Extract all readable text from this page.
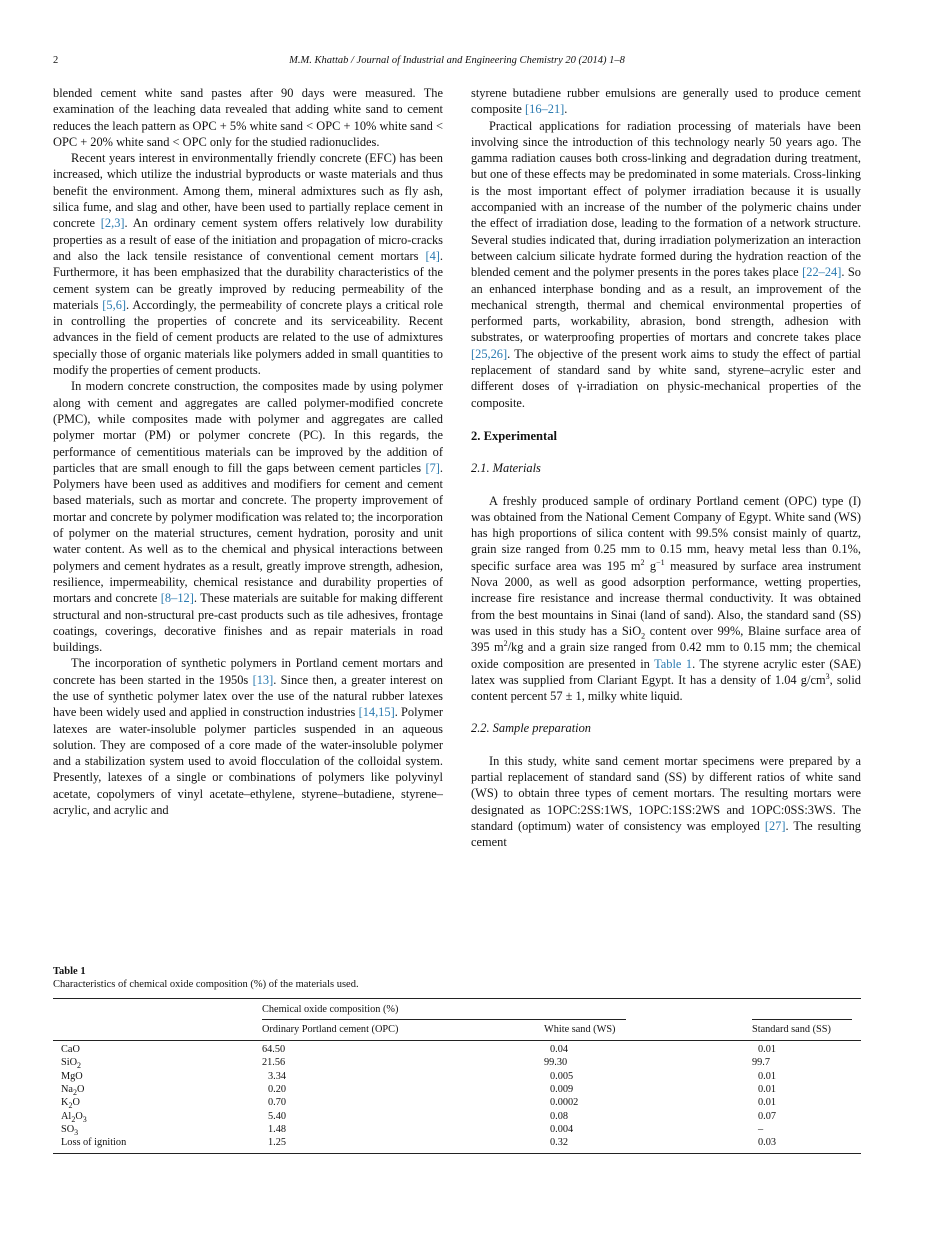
2	M.M. Khattab / Journal of Industrial and Engineering Chemistry 20 (2014) 1–8

blended cement white sand pastes after 90 days were measured. The examination of the leaching data revealed that adding white sand to cement reduces the leach pattern as OPC + 5% white sand < OPC + 10% white sand < OPC + 20% white sand < OPC only for the studied radionuclides.

Recent years interest in environmentally friendly concrete (EFC) has been increased, which utilize the industrial byproducts or waste materials and thus benefit the environment. Among them, mineral admixtures such as fly ash, silica fume, and slag and other, have been used to partially replace cement in concrete [2,3]. An ordinary cement system offers relatively low durability properties as a result of ease of the initiation and propagation of micro-cracks and also the lack tensile resistance of conventional cement mortars [4]. Furthermore, it has been emphasized that the durability characteristics of the cement system can be greatly improved by reducing permeability of the materials [5,6]. Accordingly, the permeability of concrete plays a critical role in controlling the properties of concrete and its serviceability. Recent advances in the field of cement products are related to the use of admixtures specially those of organic materials like polymers added in small quantities to modify the properties of cement products.

In modern concrete construction, the composites made by using polymer along with cement and aggregates are called polymer-modified concrete (PMC), while composites made with polymer and aggregates are called polymer mortar (PM) or polymer concrete (PC). In this regards, the performance of cementitious materials can be improved by the addition of particles that are small enough to fill the gaps between cement particles [7]. Polymers have been used as additives and modifiers for cement and cement based materials, such as mortar and concrete. The property improvement of mortar and concrete by polymer modification was related to; the incorporation of polymer on the material structures, cement hydration, porosity and unit water content. As well as to the chemical and physical interactions between polymers and cement hydrates as a result, greatly improve strength, adhesion, resilience, impermeability, chemical resistance and durability properties of mortars and concrete [8–12]. These materials are suitable for making different structural and non-structural pre-cast products such as tile adhesives, frontage coatings, coverings, decorative finishes and as repair materials in road buildings.

The incorporation of synthetic polymers in Portland cement mortars and concrete has been started in the 1950s [13]. Since then, a greater interest on the use of synthetic polymer latex over the use of the natural rubber latexes have been widely used and applied in construction industries [14,15]. Polymer latexes are water-insoluble polymer particles suspended in an aqueous solution. They are composed of a core made of the water-insoluble polymer and a stabilization system used to avoid flocculation of the colloidal system. Presently, latexes of a single or combinations of polymers like polyvinyl acetate, copolymers of vinyl acetate–ethylene, styrene–butadiene, styrene–acrylic, and acrylic and

styrene butadiene rubber emulsions are generally used to produce cement composite [16–21].

Practical applications for radiation processing of materials have been involving since the introduction of this technology nearly 50 years ago. The gamma radiation causes both cross-linking and degradation during treatment, but one of these effects may be predominated in some materials. Cross-linking is the most important effect of polymer irradiation because it is usually accompanied with an increase of the number of the polymeric chains under the effect of irradiation dose, leading to the formation of a network structure. Several studies indicated that, during irradiation polymerization an interaction between calcium silicate hydrate formed during the hydration reaction of the blended cement and the polymer presents in the pores takes place [22–24]. So an enhanced interphase bonding and as a result, an improvement of the mechanical strength, thermal and chemical environmental properties of performed parts, workability, abrasion, bond strength, adhesion with substrates, or waterproofing properties of mortars and concrete takes place [25,26]. The objective of the present work aims to study the effect of partial replacement of standard sand by white sand, styrene–acrylic ester and different doses of γ-irradiation on physic-mechanical properties of the composite.

2. Experimental
2.1. Materials

A freshly produced sample of ordinary Portland cement (OPC) type (I) was obtained from the National Cement Company of Egypt. White sand (WS) has high proportions of silica content with 99.5% consist mainly of quartz, grain size ranged from 0.25 mm to 0.15 mm, heavy metal less than 0.1%, specific surface area was 195 $m^2$ $g^{-1}$ measured by surface area instrument Nova 2000, as well as good adsorption performance, wetting properties, increase fire resistance and increase thermal conductivity. It was obtained from the best mountains in Sinai (land of sand). Also, the standard sand (SS) was used in this study has a SiO$_2$ content over 99%, Blaine surface area of 395 $m^2/kg$ and a grain size ranged from 0.42 mm to 0.15 mm; the chemical oxide composition are presented in Table 1. The styrene acrylic ester (SAE) latex was supplied from Clariant Egypt. It has a density of 1.04 $g/cm^3$, solid content percent 57 ± 1, milky white liquid.

2.2. Sample preparation

In this study, white sand cement mortar specimens were prepared by a partial replacement of standard sand (SS) by different ratios of white sand (WS) to obtain three types of cement mortars. The resulting mortars were designated as 1OPC:2SS:1WS, 1OPC:1SS:2WS and 1OPC:0SS:3WS. The standard (optimum) water of consistency was employed [27]. The resulting cement

Table 1
Characteristics of chemical oxide composition (%) of the materials used.
Chemical oxide composition (%)
Ordinary Portland cement (OPC)	White sand (WS)	Standard sand (SS)
CaO	64.50	0.04	0.01
SiO$_2$	21.56	99.30	99.7
MgO	3.34	0.005	0.01
$Na_2O$	0.20	0.009	0.01
$K_2O$	0.70	0.0002	0.01
$Al_2O_3$	5.40	0.08	0.07
$SO_3$	1.48	0.004	–
Loss of ignition	1.25	0.32	0.03
